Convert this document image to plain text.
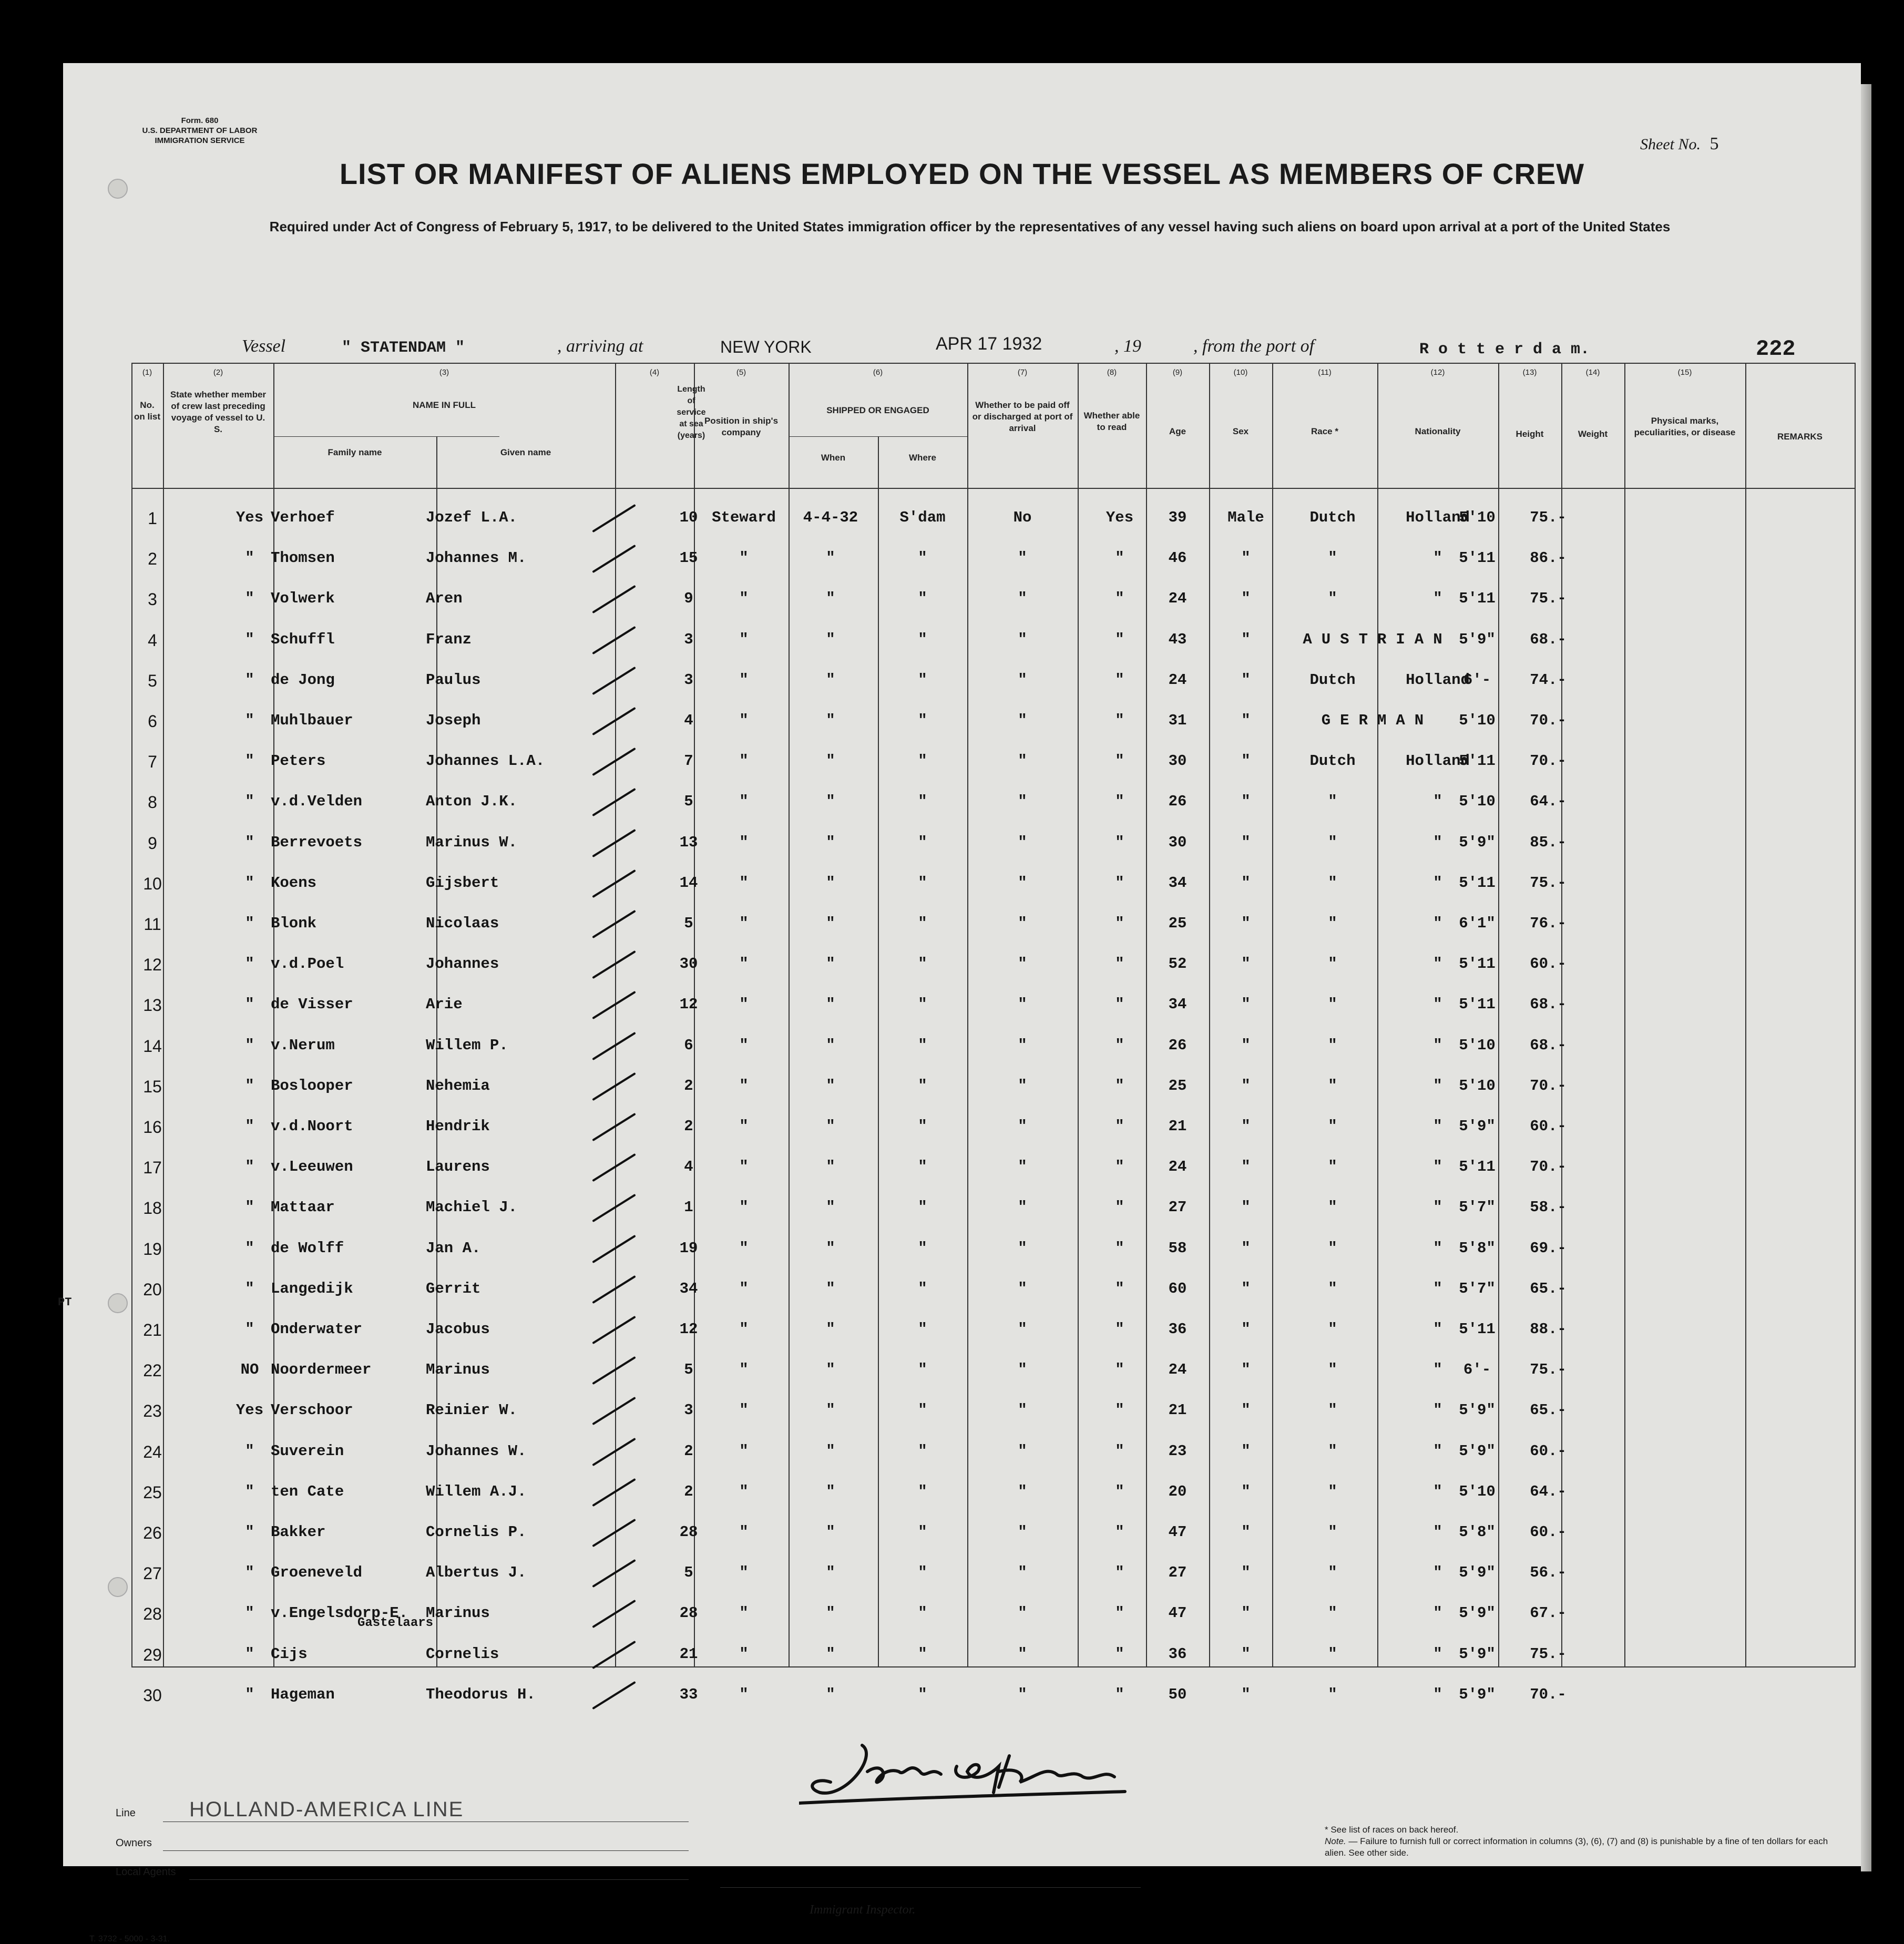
Form. 680
U.S. DEPARTMENT OF LABOR
IMMIGRATION SERVICE	Sheet No. 5
LIST OR MANIFEST OF ALIENS EMPLOYED ON THE VESSEL AS MEMBERS OF CREW
Required under Act of Congress of February 5, 1917, to be delivered to the United States immigration officer by the representatives of any vessel having such aliens on board upon arrival at a port of the United States
Vessel	" STATENDAM "	, arriving at	NEW YORK	APR 17 1932	, 19	, from the port of	R o t t e r d a m.	222
(1)
No. on list
(2)
State whether member of crew last preceding voyage of vessel to U. S.
(3)
NAME IN FULL
Family name	Given name
(4)
Length of service at sea (years)
(5)
Position in ship's company
(6)
SHIPPED OR ENGAGED
When	Where
(7)
Whether to be paid off or discharged at port of arrival
(8)
Whether able to read
(9)
Age
(10)
Sex
(11)
Race *
(12)
Nationality
(13)
Height
(14)
Weight
(15)
Physical marks, peculiarities, or disease	REMARKS
1	Yes Verhoef	Jozef L.A.	10 Steward	4-4-32	S'dam	No	Yes	39	Male	Dutch	Holland
5'10	75.-
2	"	Thomsen	Johannes M.	15	"	"	"	"	"	46	"	"	"	5'11	86.-
3	"	Volwerk	Aren	9	"	"	"	"	"	24	"	"	"	5'11	75.-
4	"	Schuffl	Franz	3	"	"	"	"	"	43	"	AUSTRIAN 5'9"	68.-
5	"	de Jong	Paulus	3	"	"	"	"	"	24	"	Dutch	Holland
6'-	74.-
6	"	Muhlbauer	Joseph	4	"	"	"	"	"	31	"	GERMAN	5'10	70.-
7	"	Peters	Johannes L.A.	7	"	"	"	"	"	30	"	Dutch	Holland
5'11	70.-
8	"	v.d.Velden	Anton J.K.	5	"	"	"	"	"	26	"	"	"	5'10	64.-
9	"	Berrevoets	Marinus W.	13	"	"	"	"	"	30	"	"	"	5'9"	85.-
10	"	Koens	Gijsbert	14	"	"	"	"	"	34	"	"	"	5'11	75.-
11	"	Blonk	Nicolaas	5	"	"	"	"	"	25	"	"	"	6'1"	76.-
12	"	v.d.Poel	Johannes	30	"	"	"	"	"	52	"	"	"	5'11	60.-
13	"	de Visser	Arie	12	"	"	"	"	"	34	"	"	"	5'11	68.-
14	"	v.Nerum	Willem P.	6	"	"	"	"	"	26	"	"	"	5'10	68.-
15	"	Boslooper	Nehemia	2	"	"	"	"	"	25	"	"	"	5'10	70.-
16	"	v.d.Noort	Hendrik	2	"	"	"	"	"	21	"	"	"	5'9"	60.-
17	"	v.Leeuwen	Laurens	4	"	"	"	"	"	24	"	"	"	5'11	70.-
18	"	Mattaar	Machiel J.	1	"	"	"	"	"	27	"	"	"	5'7"	58.-
19	"	de Wolff	Jan A.	19	"	"	"	"	"	58	"	"	"	5'8"	69.-
20	"	Langedijk	Gerrit	34	"	"	"	"	"	60	"	"	"	5'7"	65.-
21	"	Onderwater	Jacobus	12	"	"	"	"	"	36	"	"	"	5'11	88.-
22	NO Noordermeer	Marinus	5	"	"	"	"	"	24	"	"	"	6'-	75.-
23	Yes Verschoor	Reinier W.	3	"	"	"	"	"	21	"	"	"	5'9"	65.-
24	"	Suverein	Johannes W.	2	"	"	"	"	"	23	"	"	"	5'9"	60.-
25	"	ten Cate	Willem A.J.	2	"	"	"	"	"	20	"	"	"	5'10	64.-
26	"	Bakker	Cornelis P.	28	"	"	"	"	"	47	"	"	"	5'8"	60.-
27	"	Groeneveld	Albertus J.	5	"	"	"	"	"	27	"	"	"	5'9"	56.-
28	"	v.Engelsdorp-E. Marinus	28	"	"	"	"	"	47	"	"	"	5'9"	67.-
Gastelaars
29	"	Cijs	Cornelis	21	"	"	"	"	"	36	"	"	"	5'9"	75.-
30	"	Hageman	Theodorus H.	33	"	"	"	"	"	50	"	"	"	5'9"	70.-
PT
Line	HOLLAND-AMERICA LINE
Owners
Local Agents
Immigrant Inspector.
* See list of races on back hereof.
Note. — Failure to furnish full or correct information in columns (3), (6), (7) and (8) is punishable by a fine of ten dollars for each alien. See other side.
T. 3732 - 5000 - 3-31.
